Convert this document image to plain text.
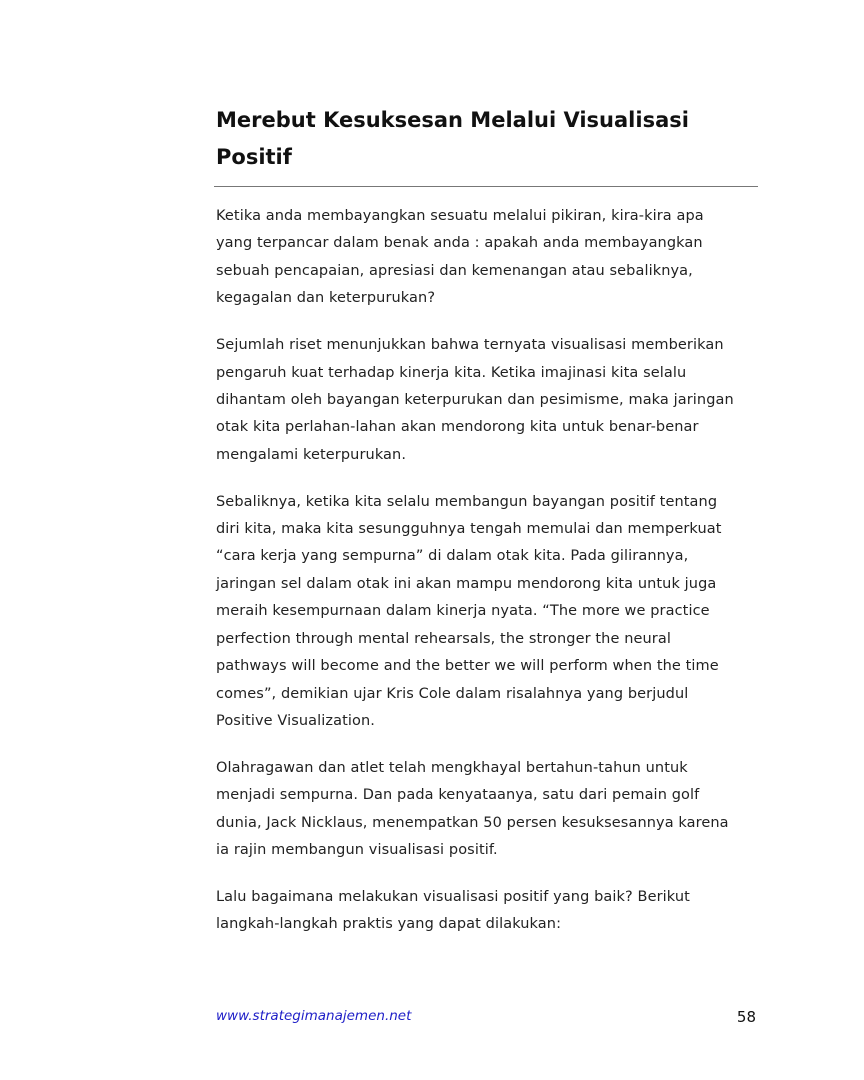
Merebut Kesuksesan Melalui Visualisasi
Positif

Ketika anda membayangkan sesuatu melalui pikiran, kira-kira apa
yang terpancar dalam benak anda : apakah anda membayangkan
sebuah pencapaian, apresiasi dan kemenangan atau sebaliknya,
kegagalan dan keterpurukan?

Sejumlah riset menunjukkan bahwa ternyata visualisasi memberikan
pengaruh kuat terhadap kinerja kita. Ketika imajinasi kita selalu
dihantam oleh bayangan keterpurukan dan pesimisme, maka jaringan
otak kita perlahan-lahan akan mendorong kita untuk benar-benar
mengalami keterpurukan.

Sebaliknya, ketika kita selalu membangun bayangan positif tentang
diri kita, maka kita sesungguhnya tengah memulai dan memperkuat
“cara kerja yang sempurna” di dalam otak kita. Pada gilirannya,
jaringan sel dalam otak ini akan mampu mendorong kita untuk juga
meraih kesempurnaan dalam kinerja nyata. “The more we practice
perfection through mental rehearsals, the stronger the neural
pathways will become and the better we will perform when the time
comes”, demikian ujar Kris Cole dalam risalahnya yang berjudul
Positive Visualization.

Olahragawan dan atlet telah mengkhayal bertahun-tahun untuk
menjadi sempurna. Dan pada kenyataanya, satu dari pemain golf
dunia, Jack Nicklaus, menempatkan 50 persen kesuksesannya karena
ia rajin membangun visualisasi positif.

Lalu bagaimana melakukan visualisasi positif yang baik? Berikut
langkah-langkah praktis yang dapat dilakukan:

www.strategimanajemen.net	58
